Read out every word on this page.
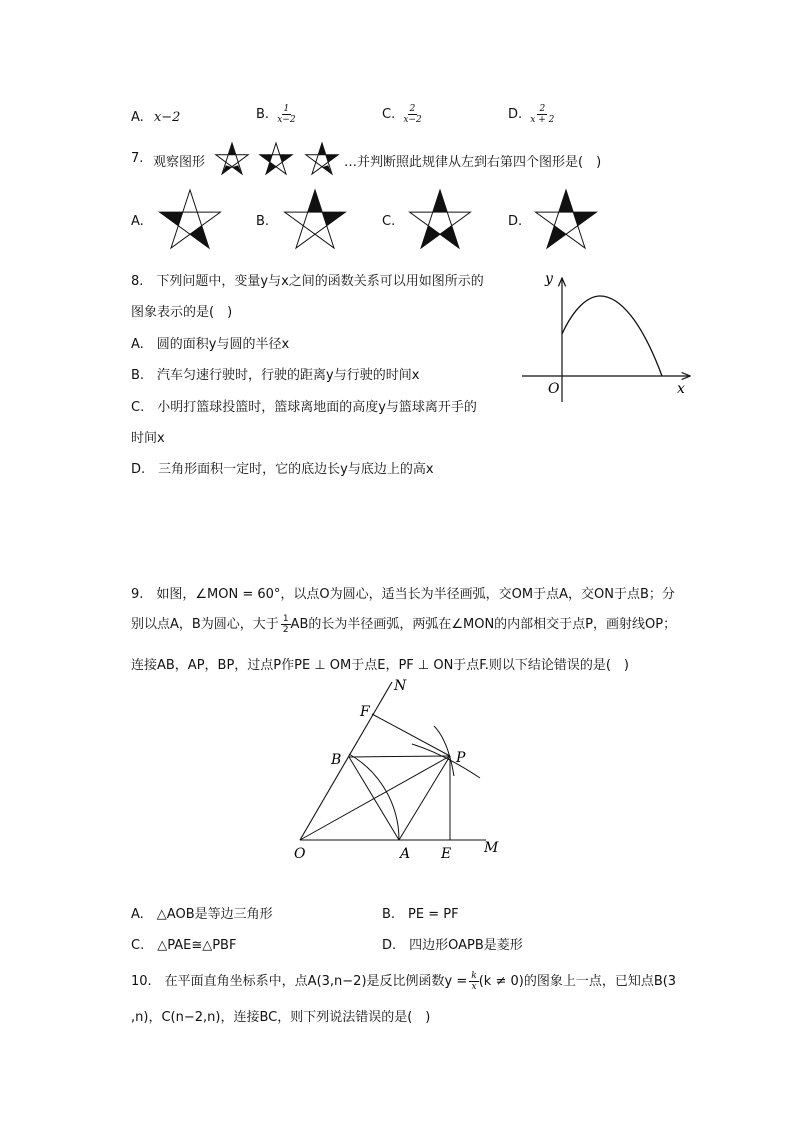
A. x−2	B. $\frac{1}{x-2}$	C. $\frac{2}{x-2}$	D. $\frac{2}{x + 2}$
7. 观察图形	…并判断照此规律从左到右第四个图形是(　)
A.	B.	C.	D.
8.　下列问题中，变量y与x之间的函数关系可以用如图所示的
图象表示的是(　)
A.　圆的面积y与圆的半径x
B.　汽车匀速行驶时，行驶的距离y与行驶的时间x
C.　小明打篮球投篮时，篮球离地面的高度y与篮球离开手的
时间x
D.　三角形面积一定时，它的底边长y与底边上的高x
y
x
O
9.　如图，∠MON = 60°，以点O为圆心，适当长为半径画弧，交OM于点A，交ON于点B；分
别以点A，B为圆心，大于 $\frac{1}{2}$ AB的长为半径画弧，两弧在∠MON的内部相交于点P，画射线OP；
连接AB，AP，BP，过点P作PE ⊥ OM于点E，PF ⊥ ON于点F.则以下结论错误的是(　)
N
F
B	P
O	A E M
A.　△AOB是等边三角形	B.　PE = PF
C.　△PAE≅△PBF	D.　四边形OAPB是菱形
10.　在平面直角坐标系中，点A(3,n−2)是反比例函数$y = \frac{k}{x} (k \ne 0)$的图象上一点，已知点B(3
,n)，C(n−2,n)，连接BC，则下列说法错误的是(　)
